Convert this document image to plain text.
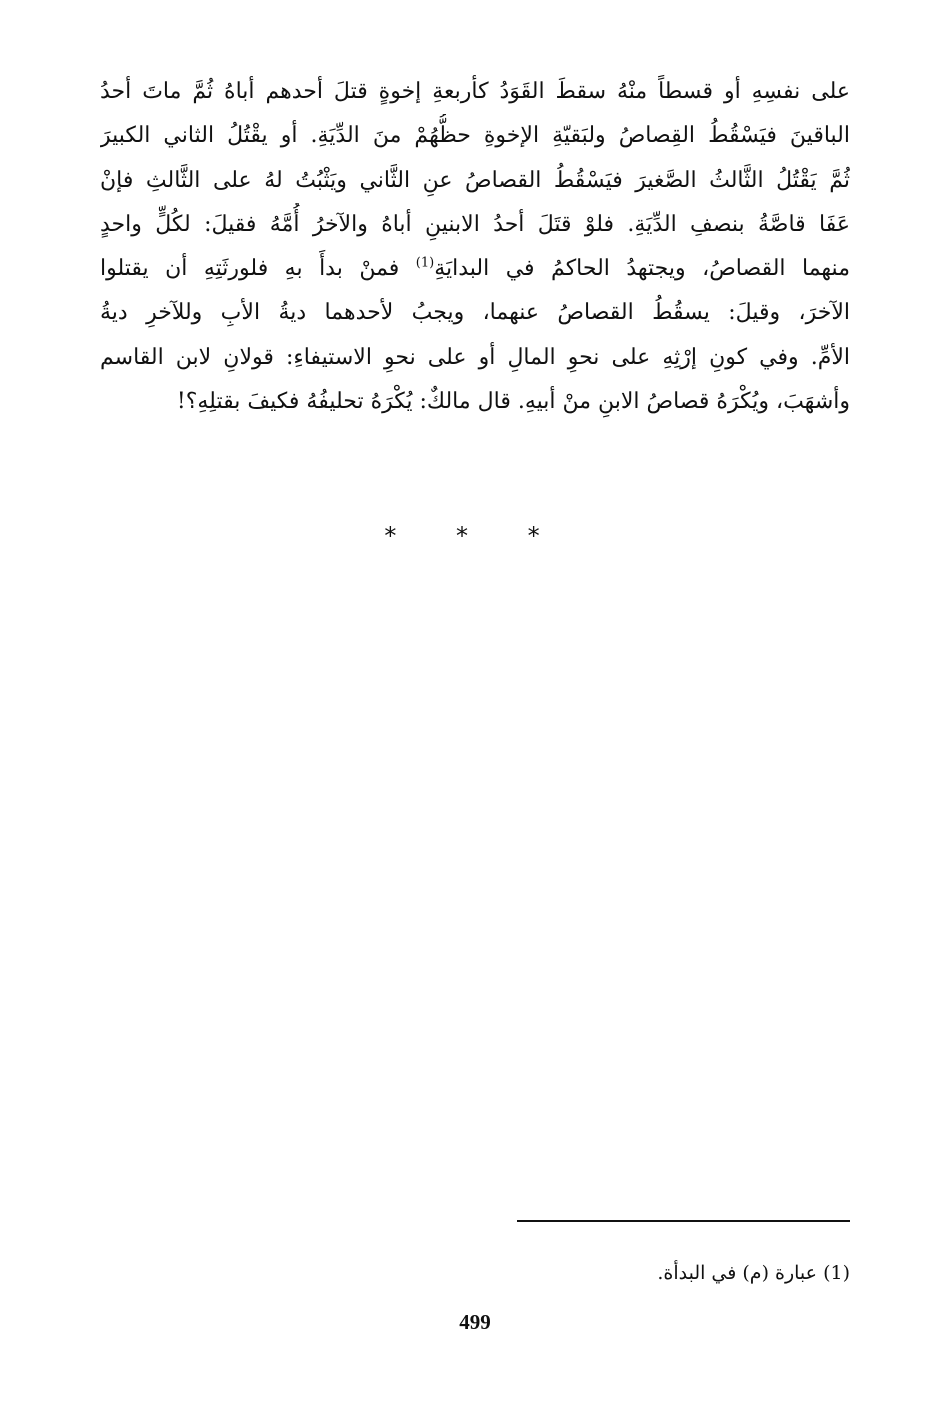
على نفسِهِ أو قسطاً منْهُ سقطَ القَوَدُ كأربعةِ إخوةٍ قتلَ أحدهم أباهُ ثُمَّ ماتَ أحدُ
الباقينَ فيَسْقُطُ القِصاصُ ولبَقيّةِ الإخوةِ حظُّهُمْ منَ الدِّيَةِ. أو يقْتُلُ الثاني الكبيرَ
ثُمَّ يَقْتُلُ الثَّالثُ الصَّغيرَ فيَسْقُطُ القصاصُ عنِ الثَّاني ويَثْبُتُ لهُ على الثَّالثِ فإنْ
عَفَا قاصَّةُ بنصفِ الدِّيَةِ. فلوْ قتَلَ أحدُ الابنينِ أباهُ والآخرُ أُمَّهُ فقيلَ: لكُلٍّ واحدٍ
منهما القصاصُ، ويجتهدُ الحاكمُ في البدايَةِ$^{(1)}$ فمنْ بدأَ بهِ فلورثَتِهِ أن يقتلوا
الآخرَ، وقيلَ: يسقُطُ القصاصُ عنهما، ويجبُ لأحدهما ديةُ الأبِ وللآخرِ ديةُ
الأمِّ. وفي كونِ إرْثِهِ على نحوِ المالِ أو على نحوِ الاستيفاءِ: قولانِ لابن القاسم
وأشهَبَ، ويُكْرَهُ قصاصُ الابنِ منْ أبيهِ. قال مالكٌ: يُكْرَهُ تحليفُهُ فكيفَ بقتلِهِ؟!
* * *
(1) عبارة (م) في البدأة.
499
